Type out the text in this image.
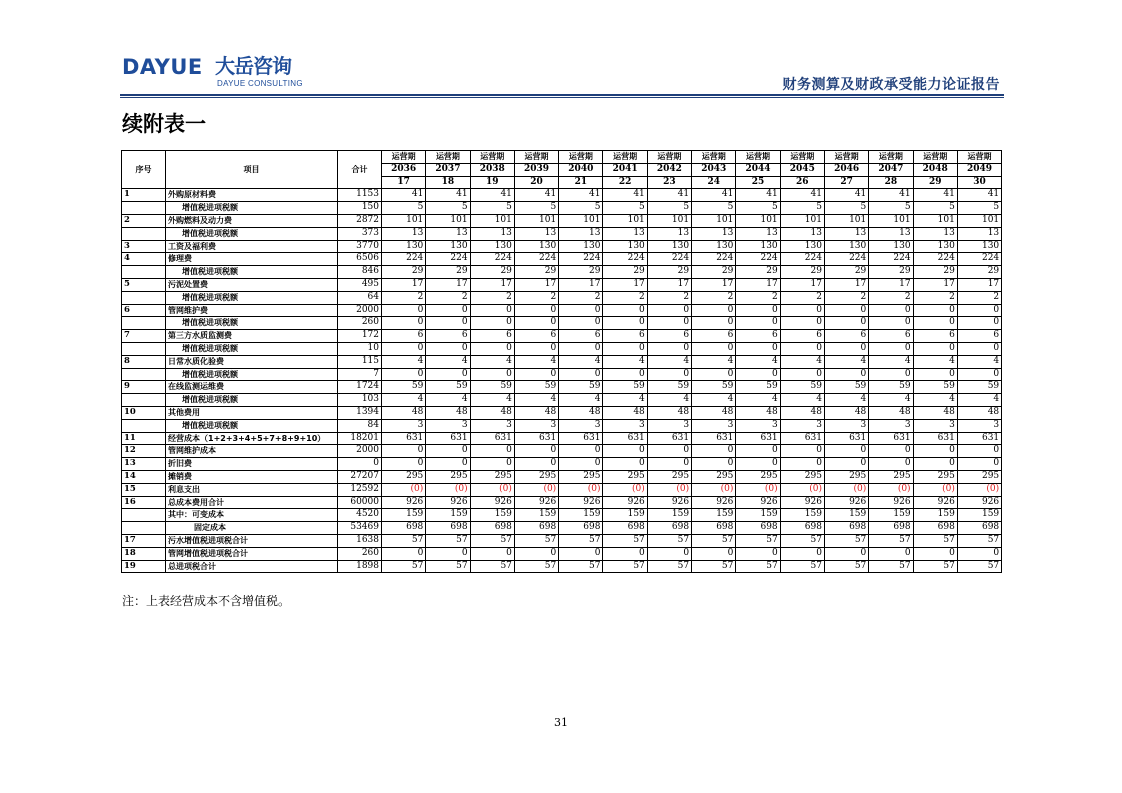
DAYUE 大岳咨询
DAYUE CONSULTING	财务测算及财政承受能力论证报告
续附表一
序号	项目	合计	运营期	运营期	运营期	运营期	运营期	运营期	运营期	运营期	运营期	运营期	运营期	运营期	运营期	运营期
			2036	2037	2038	2039	2040	2041	2042	2043	2044	2045	2046	2047	2048	2049
			17	18	19	20	21	22	23	24	25	26	27	28	29	30
1	外购原材料费	1153	41	41	41	41	41	41	41	41	41	41	41	41	41	41
	增值税进项税额	150	5	5	5	5	5	5	5	5	5	5	5	5	5	5
2	外购燃料及动力费	2872	101	101	101	101	101	101	101	101	101	101	101	101	101	101
	增值税进项税额	373	13	13	13	13	13	13	13	13	13	13	13	13	13	13
3	工资及福利费	3770	130	130	130	130	130	130	130	130	130	130	130	130	130	130
4	修理费	6506	224	224	224	224	224	224	224	224	224	224	224	224	224	224
	增值税进项税额	846	29	29	29	29	29	29	29	29	29	29	29	29	29	29
5	污泥处置费	495	17	17	17	17	17	17	17	17	17	17	17	17	17	17
	增值税进项税额	64	2	2	2	2	2	2	2	2	2	2	2	2	2	2
6	管网维护费	2000	0	0	0	0	0	0	0	0	0	0	0	0	0	0
	增值税进项税额	260	0	0	0	0	0	0	0	0	0	0	0	0	0	0
7	第三方水质监测费	172	6	6	6	6	6	6	6	6	6	6	6	6	6	6
	增值税进项税额	10	0	0	0	0	0	0	0	0	0	0	0	0	0	0
8	日常水质化验费	115	4	4	4	4	4	4	4	4	4	4	4	4	4	4
	增值税进项税额	7	0	0	0	0	0	0	0	0	0	0	0	0	0	0
9	在线监测运维费	1724	59	59	59	59	59	59	59	59	59	59	59	59	59	59
	增值税进项税额	103	4	4	4	4	4	4	4	4	4	4	4	4	4	4
10	其他费用	1394	48	48	48	48	48	48	48	48	48	48	48	48	48	48
	增值税进项税额	84	3	3	3	3	3	3	3	3	3	3	3	3	3	3
11	经营成本（1+2+3+4+5+7+8+9+10）	18201	631	631	631	631	631	631	631	631	631	631	631	631	631	631
12	管网维护成本	2000	0	0	0	0	0	0	0	0	0	0	0	0	0	0
13	折旧费	0	0	0	0	0	0	0	0	0	0	0	0	0	0	0
14	摊销费	27207	295	295	295	295	295	295	295	295	295	295	295	295	295	295
15	利息支出	12592	(0)	(0)	(0)	(0)	(0)	(0)	(0)	(0)	(0)	(0)	(0)	(0)	(0)	(0)
16	总成本费用合计	60000	926	926	926	926	926	926	926	926	926	926	926	926	926	926
	其中：可变成本	4520	159	159	159	159	159	159	159	159	159	159	159	159	159	159
	固定成本	53469	698	698	698	698	698	698	698	698	698	698	698	698	698	698
17	污水增值税进项税合计	1638	57	57	57	57	57	57	57	57	57	57	57	57	57	57
18	管网增值税进项税合计	260	0	0	0	0	0	0	0	0	0	0	0	0	0	0
19	总进项税合计	1898	57	57	57	57	57	57	57	57	57	57	57	57	57	57
注：上表经营成本不含增值税。
31
